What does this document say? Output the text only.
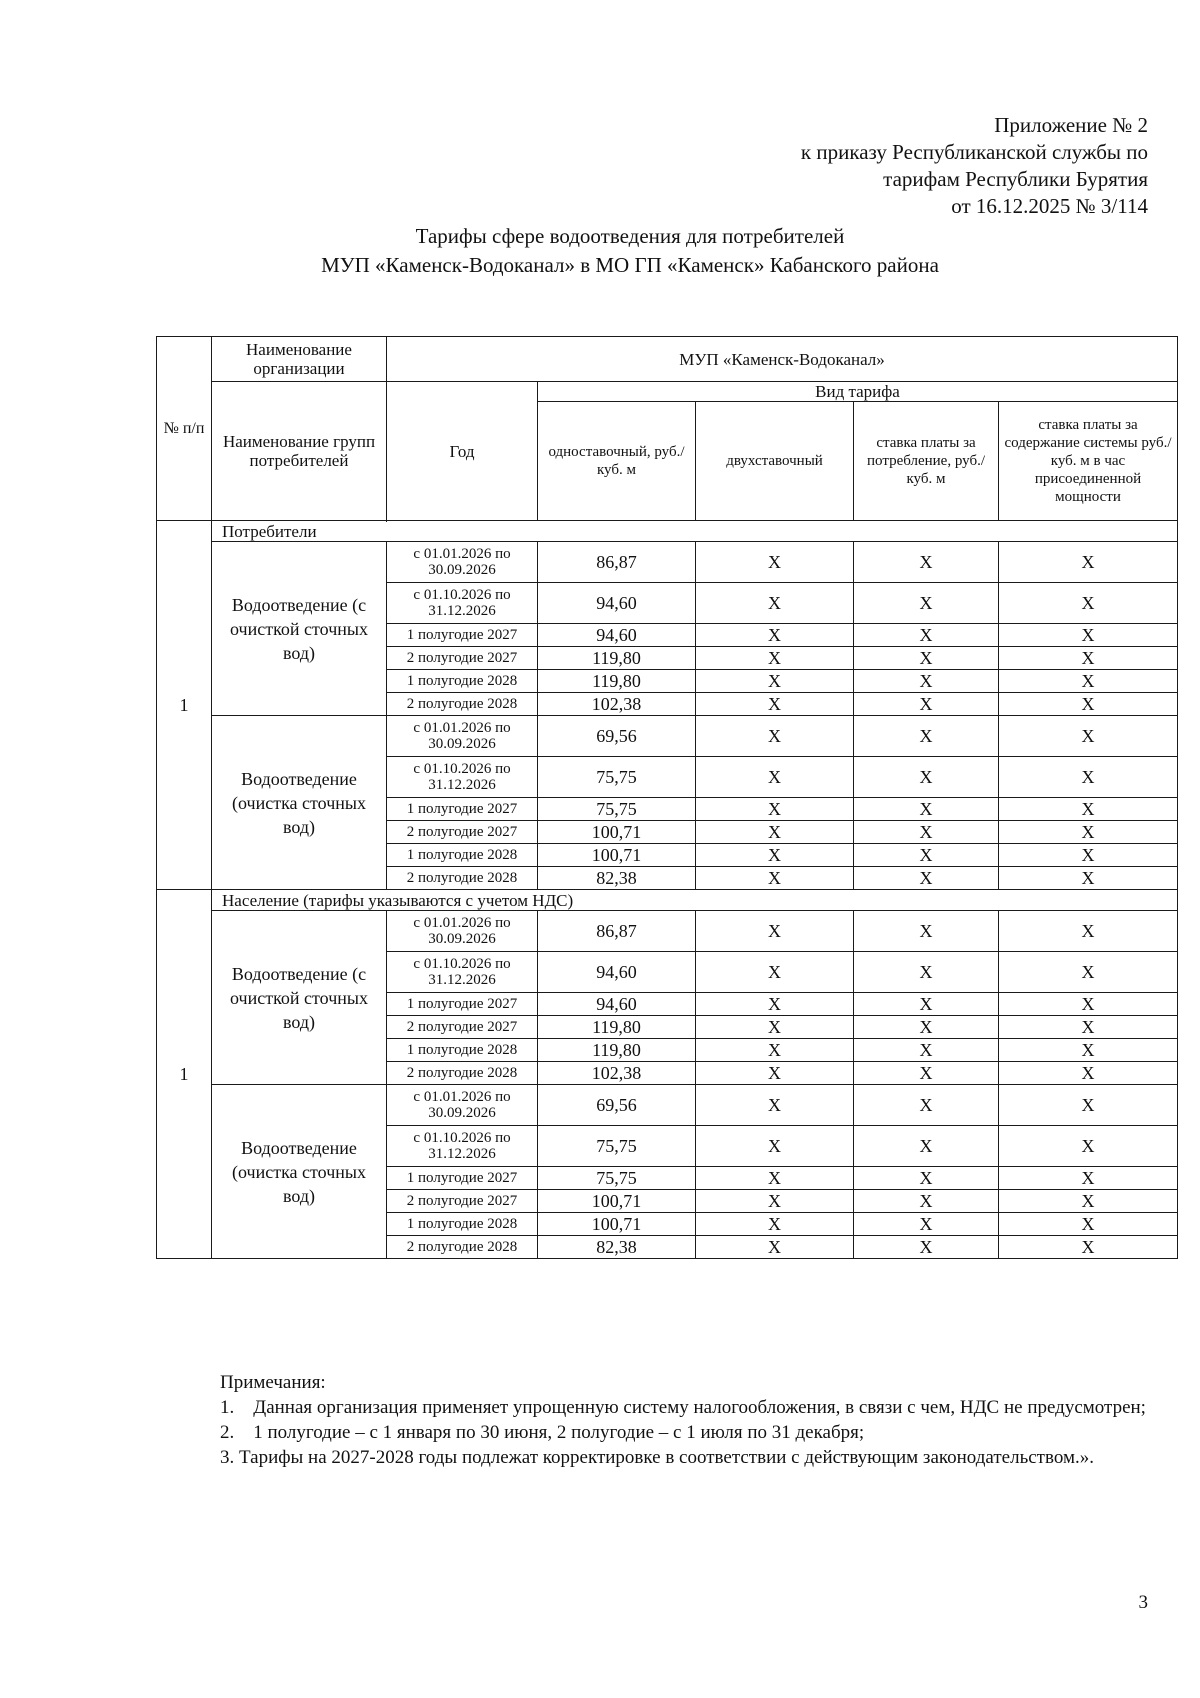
Приложение № 2
к приказу Республиканской службы по
тарифам Республики Бурятия
от 16.12.2025 № 3/114
Тарифы сфере водоотведения для потребителей
МУП «Каменск-Водоканал» в МО ГП «Каменск» Кабанского района
№ п/п	Наименование организации	МУП «Каменск-Водоканал»				
	Наименование групп потребителей	Год	Вид тарифа			
			одноставочный, руб./ куб. м	двухставочный	ставка платы за потребление, руб./ куб. м	ставка платы за содержание системы руб./куб. м в час присоединенной мощности

1	Потребители					
	Водоотведение (с очисткой сточных вод)	с 01.01.2026 по 30.09.2026	86,87	X	X	X
		с 01.10.2026 по 31.12.2026	94,60	X	X	X
		1 полугодие 2027	94,60	X	X	X
		2 полугодие 2027	119,80	X	X	X
		1 полугодие 2028	119,80	X	X	X
		2 полугодие 2028	102,38	X	X	X
	Водоотведение (очистка сточных вод)	с 01.01.2026 по 30.09.2026	69,56	X	X	X
		с 01.10.2026 по 31.12.2026	75,75	X	X	X
		1 полугодие 2027	75,75	X	X	X
		2 полугодие 2027	100,71	X	X	X
		1 полугодие 2028	100,71	X	X	X
		2 полугодие 2028	82,38	X	X	X
1	Население (тарифы указываются с учетом НДС)					
	Водоотведение (с очисткой сточных вод)	с 01.01.2026 по 30.09.2026	86,87	X	X	X
		с 01.10.2026 по 31.12.2026	94,60	X	X	X
		1 полугодие 2027	94,60	X	X	X
		2 полугодие 2027	119,80	X	X	X
		1 полугодие 2028	119,80	X	X	X
		2 полугодие 2028	102,38	X	X	X
	Водоотведение (очистка сточных вод)	с 01.01.2026 по 30.09.2026	69,56	X	X	X
		с 01.10.2026 по 31.12.2026	75,75	X	X	X
		1 полугодие 2027	75,75	X	X	X
		2 полугодие 2027	100,71	X	X	X
		1 полугодие 2028	100,71	X	X	X
		2 полугодие 2028	82,38	X	X	X

Примечания:

1.    Данная организация применяет упрощенную систему налогообложения, в связи с чем, НДС не предусмотрен;

2.    1 полугодие – с 1 января по 30 июня, 2 полугодие – с 1 июля по 31 декабря;

3. Тарифы на 2027-2028 годы подлежат корректировке в соответствии с действующим законодательством.».

3
